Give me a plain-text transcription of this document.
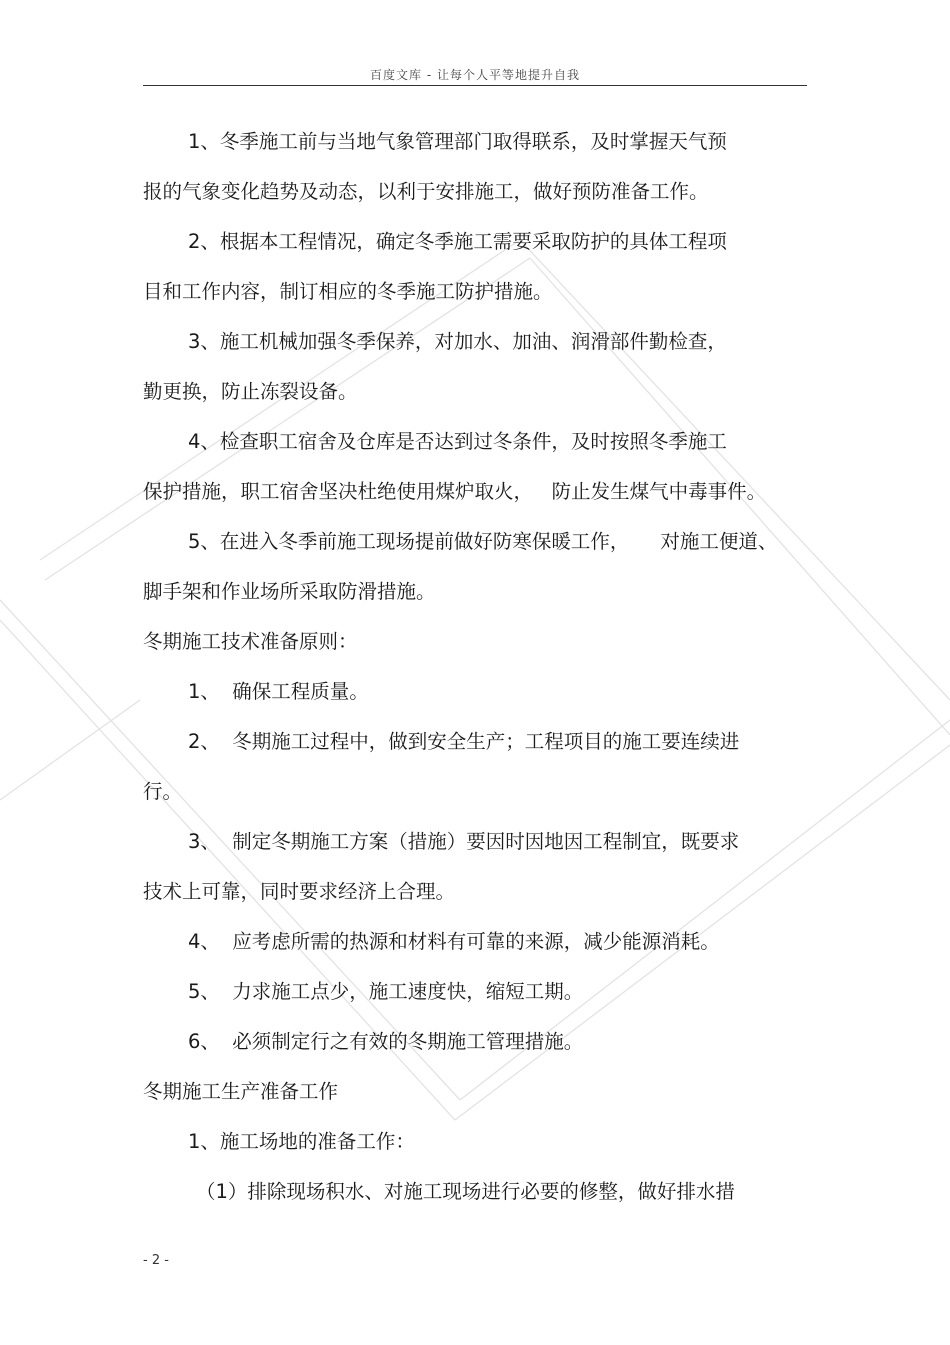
百度文库 - 让每个人平等地提升自我
1、冬季施工前与当地气象管理部门取得联系，及时掌握天气预
报的气象变化趋势及动态，以利于安排施工，做好预防准备工作。
2、根据本工程情况，确定冬季施工需要采取防护的具体工程项
目和工作内容，制订相应的冬季施工防护措施。
3、施工机械加强冬季保养，对加水、加油、润滑部件勤检查，
勤更换，防止冻裂设备。
4、检查职工宿舍及仓库是否达到过冬条件，及时按照冬季施工
保护措施，职工宿舍坚决杜绝使用煤炉取火，   防止发生煤气中毒事件。
5、在进入冬季前施工现场提前做好防寒保暖工作，     对施工便道、
脚手架和作业场所采取防滑措施。
冬期施工技术准备原则：
1、  确保工程质量。
2、  冬期施工过程中，做到安全生产；工程项目的施工要连续进
行。
3、  制定冬期施工方案（措施）要因时因地因工程制宜，既要求
技术上可靠，同时要求经济上合理。
4、  应考虑所需的热源和材料有可靠的来源，减少能源消耗。
5、  力求施工点少，施工速度快，缩短工期。
6、  必须制定行之有效的冬期施工管理措施。
冬期施工生产准备工作
1、施工场地的准备工作：
（1）排除现场积水、对施工现场进行必要的修整，做好排水措
- 2 -
